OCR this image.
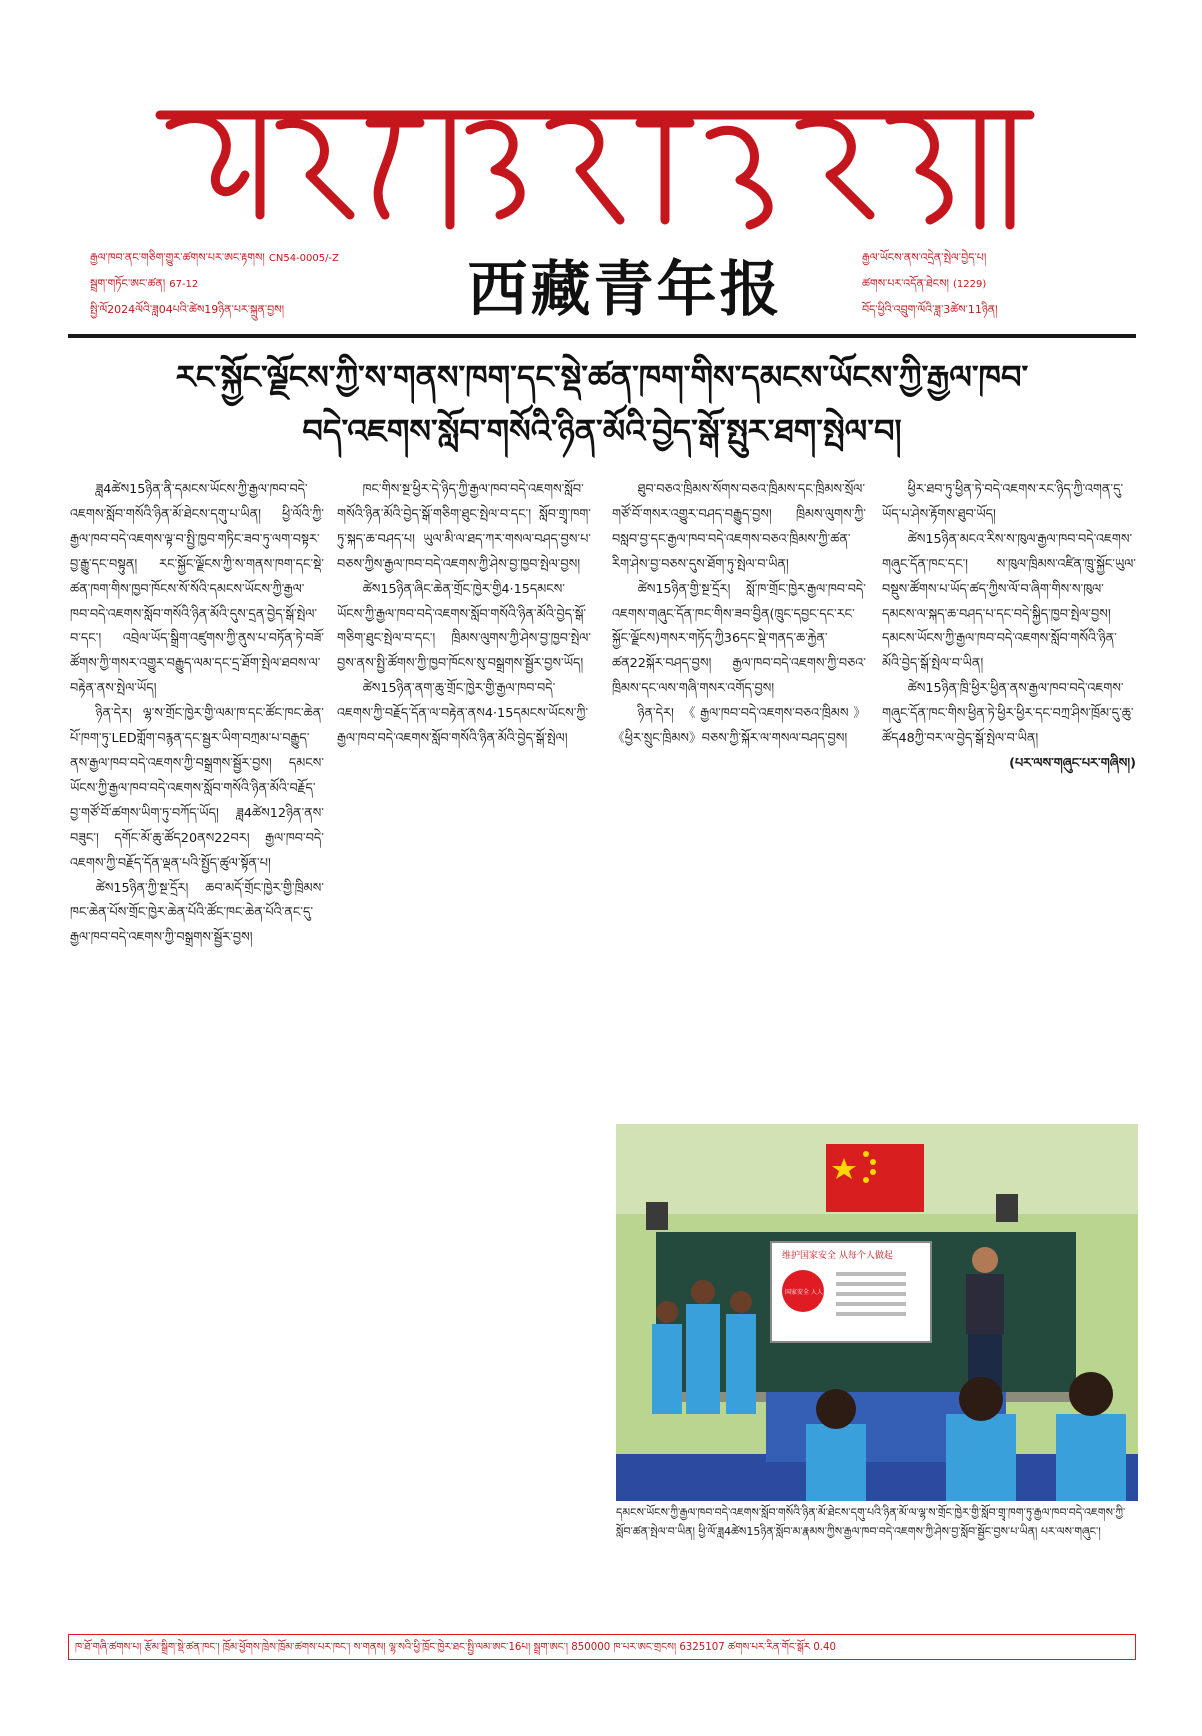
རྒྱལ་ཁབ་ནང་གཅིག་གྱུར་ཚགས་པར་ཨང་རྟགས། CN54-0005/-Z
སྦྲག་གཏོང་ཨང་ཚན། 67-12
སྤྱི་ལོ2024ལོའི་ཟླ04པའི་ཚེས19ཉིན་པར་སྐྲུན་བྱས།	西藏青年报	རྒྱལ་ཡོངས་ནས་འདྲེན་སྤེལ་བྱེད་པ།
ཚགས་པར་འདོན་ཐེངས། (1229)
བོད་ཕྱིའི་འབྲུག་ལོའི་ཟླ་3ཚེས་11ཉིན།
རང་སྐྱོང་ལྗོངས་ཀྱི་ས་གནས་ཁག་དང་སྡེ་ཚན་ཁག་གིས་དམངས་ཡོངས་ཀྱི་རྒྱལ་ཁབ་
བདེ་འཇགས་སློབ་གསོའི་ཉིན་མོའི་བྱེད་སྒོ་སྤུར་ཐག་སྤེལ་བ།

ཟླ4ཚེས15ཉིན་ནི་དམངས་ཡོངས་ཀྱི་རྒྱལ་ཁབ་བདེ་འཇགས་སློབ་གསོའི་ཉིན་མོ་ཐེངས་དགུ་པ་ཡིན། ཕྱི་ལོའི་ཀྱི་རྒྱལ་ཁབ་བདེ་འཇགས་ལྟ་བ་སྤྱི་ཁྱབ་གཏིང་ཟབ་ཏུ་ལག་བསྟར་བྱ་རྒྱུ་དང་བསྟུན། རང་སྐྱོང་ལྗོངས་ཀྱི་ས་གནས་ཁག་དང་སྡེ་ཚན་ཁག་གིས་ཁྱབ་ཁོངས་སོ་སོའི་དམངས་ཡོངས་ཀྱི་རྒྱལ་ཁབ་བདེ་འཇགས་སློབ་གསོའི་ཉིན་མོའི་དུས་དྲན་བྱེད་སྒོ་སྤེལ་བ་དང་། འབྲེལ་ཡོད་སྒྲིག་འཛུགས་ཀྱི་ནུས་པ་བཏོན་ཏེ་བཟོ་ཚོགས་ཀྱི་གསར་འགྱུར་བརྒྱུད་ལམ་དང་དྲ་ཐོག་སྤེལ་ཐབས་ལ་བརྟེན་ནས་སྤེལ་ཡོད།

ཉིན་དེར། ལྷ་ས་གྲོང་ཁྱེར་གྱི་ལམ་ཁ་དང་ཚོང་ཁང་ཆེན་པོ་ཁག་ཏུ་LEDགློག་བརྙན་དང་སྦྱར་ཡིག་བཀྲམ་པ་བརྒྱུད་ནས་རྒྱལ་ཁབ་བདེ་འཇགས་ཀྱི་བསྒྲགས་སྦྱོར་བྱས། དམངས་ཡོངས་ཀྱི་རྒྱལ་ཁབ་བདེ་འཇགས་སློབ་གསོའི་ཉིན་མོའི་བརྗོད་བྱ་གཙོ་བོ་ཚགས་ཡིག་ཏུ་བཀོད་ཡོད། ཟླ4ཚེས12ཉིན་ནས་བཟུང་། དགོང་མོ་ཆུ་ཚོད20ནས22བར། རྒྱལ་ཁབ་བདེ་འཇགས་ཀྱི་བརྗོད་དོན་ལྡན་པའི་སྤྱོད་ཚུལ་སྟོན་པ།

ཚེས15ཉིན་ཀྱི་སྔ་དྲོར། ཆབ་མདོ་གྲོང་ཁྱེར་གྱི་ཁྲིམས་ཁང་ཆེན་པོས་གྲོང་ཁྱེར་ཆེན་པོའི་ཚོང་ཁང་ཆེན་པོའི་ནང་དུ་རྒྱལ་ཁབ་བདེ་འཇགས་ཀྱི་བསྒྲགས་སྦྱོར་བྱས།

ཁང་གིས་སྔ་ཕྱིར་དེ་ཉིད་ཀྱི་རྒྱལ་ཁབ་བདེ་འཇགས་སློབ་གསོའི་ཉིན་མོའི་བྱེད་སྒོ་གཅིག་ཐུང་སྤེལ་བ་དང་། སློབ་གྲྭ་ཁག་ཏུ་སྐད་ཆ་བཤད་པ། ཡུལ་མི་ལ་ཐད་ཀར་གསལ་བཤད་བྱས་པ་བཅས་ཀྱིས་རྒྱལ་ཁབ་བདེ་འཇགས་ཀྱི་ཤེས་བྱ་ཁྱབ་སྤེལ་བྱས།

ཚེས15ཉིན་ཞིང་ཆེན་གྲོང་ཁྱེར་གྱི4·15དམངས་ཡོངས་ཀྱི་རྒྱལ་ཁབ་བདེ་འཇགས་སློབ་གསོའི་ཉིན་མོའི་བྱེད་སྒོ་གཅིག་ཐུང་སྤེལ་བ་དང་། ཁྲིམས་ལུགས་ཀྱི་ཤེས་བྱ་ཁྱབ་སྤེལ་བྱས་ནས་སྤྱི་ཚོགས་ཀྱི་ཁྱབ་ཁོངས་སུ་བསྒྲགས་སྦྱོར་བྱས་ཡོད།

ཚེས15ཉིན་ནག་ཆུ་གྲོང་ཁྱེར་གྱི་རྒྱལ་ཁབ་བདེ་འཇགས་ཀྱི་བརྗོད་དོན་ལ་བརྟེན་ནས4·15དམངས་ཡོངས་ཀྱི་རྒྱལ་ཁབ་བདེ་འཇགས་སློབ་གསོའི་ཉིན་མོའི་བྱེད་སྒོ་སྤེལ།

ཐུབ་བཅའ་ཁྲིམས་སོགས་བཅའ་ཁྲིམས་དང་ཁྲིམས་སྲོལ་གཙོ་བོ་གསར་འགྱུར་བཤད་བརྒྱུད་བྱས། ཁྲིམས་ལུགས་ཀྱི་བསླབ་བྱ་དང་རྒྱལ་ཁབ་བདེ་འཇགས་བཅའ་ཁྲིམས་ཀྱི་ཚན་རིག་ཤེས་བྱ་བཅས་དུས་ཐོག་ཏུ་སྤེལ་བ་ཡིན།

ཚེས15ཉིན་གྱི་སྔ་དྲོར། སློ་ཁ་གྲོང་ཁྱེར་རྒྱལ་ཁབ་བདེ་འཇགས་གཞུང་དོན་ཁང་གིས་ཟབ་བྱིན(ཁྲུང་དབྱང་དང་རང་སྐྱོང་ལྗོངས)གསར་གཏོད་ཀྱི36དང་སྡེ་གནད་ཆ་རྐྱེན་ཚན22སྐོར་བཤད་བྱས། རྒྱལ་ཁབ་བདེ་འཇགས་ཀྱི་བཅའ་ཁྲིམས་དང་ལས་གཞི་གསར་འགོད་བྱས།

ཉིན་དེར། 《རྒྱལ་ཁབ་བདེ་འཇགས་བཅའ་ཁྲིམས》《ཕྱིར་སྲུང་ཁྲིམས》བཅས་ཀྱི་སྐོར་ལ་གསལ་བཤད་བྱས།

ཕྱིར་ཐབ་ཏུ་ཕྱིན་ཏེ་བདེ་འཇགས་རང་ཉིད་ཀྱི་འགན་དུ་ཡོད་པ་ཤེས་རྟོགས་ཐུབ་ཡོད།

ཚེས15ཉིན་མངའ་རིས་ས་ཁུལ་རྒྱལ་ཁབ་བདེ་འཇགས་གཞུང་དོན་ཁང་དང་། ས་ཁུལ་ཁྲིམས་འཛིན་ཁྲུ་སྐྱོང་ཡུལ་བསྡུས་ཚོགས་པ་ཡོད་ཚད་ཀྱིས་ལོ་བ་ཞིག་གིས་ས་ཁུལ་དམངས་ལ་སྐད་ཆ་བཤད་པ་དང་བདེ་སྐྱིད་ཁྱབ་སྤེལ་བྱས། དམངས་ཡོངས་ཀྱི་རྒྱལ་ཁབ་བདེ་འཇགས་སློབ་གསོའི་ཉིན་མོའི་བྱེད་སྒོ་སྤེལ་བ་ཡིན།

ཚེས15ཉིན་ཁྲི་ཕྱིར་ཕྱིན་ནས་རྒྱལ་ཁབ་བདེ་འཇགས་གཞུང་དོན་ཁང་གིས་ཕྱིན་ཏེ་ཕྱིར་ཕྱིར་དང་བཀྲ་ཤིས་ཁྲོམ་དུ་ཆུ་ཚོད48ཀྱི་བར་ལ་བྱེད་སྒོ་སྤེལ་བ་ཡིན།

(པར་ལས་གཞུང་པར་གཞིས།)

维护国家安全 从每个人做起
国家安全 人人有责
དམངས་ཡོངས་ཀྱི་རྒྱལ་ཁབ་བདེ་འཇགས་སློབ་གསོའི་ཉིན་མོ་ཐེངས་དགུ་པའི་ཉིན་མོ་ལ་ལྷ་ས་གྲོང་ཁྱེར་གྱི་སློབ་གྲྭ་ཁག་ཏུ་རྒྱལ་ཁབ་བདེ་འཇགས་ཀྱི་སློབ་ཚན་སྤེལ་བ་ཡིན། ཕྱི་ལོ་ཟླ4ཚེས15ཉིན་སློབ་མ་རྣམས་ཀྱིས་རྒྱལ་ཁབ་བདེ་འཇགས་ཀྱི་ཤེས་བྱ་སློབ་སྦྱོང་བྱས་པ་ཡིན། པར་ལས་གཞུང་།
ཁ་ཐོ་གཞི་ཚགས་པ། རྩོམ་སྒྲིག་སྡེ་ཚན་ཁང་། ཁྲོམ་ཕྱོགས་ཁྲེས་ཁྲོམ་ཚགས་པར་ཁང་། ས་གནས། ལྷ་སའི་ཕྱི་ཁྲོང་ཁྱེར་ཐང་སྤྱི་ལམ་ཨང་16པ། སྦྲག་ཨང་། 850000 ཁ་པར་ཨང་གྲངས། 6325107 ཚགས་པར་རིན་གོང་སྒོར 0.40
